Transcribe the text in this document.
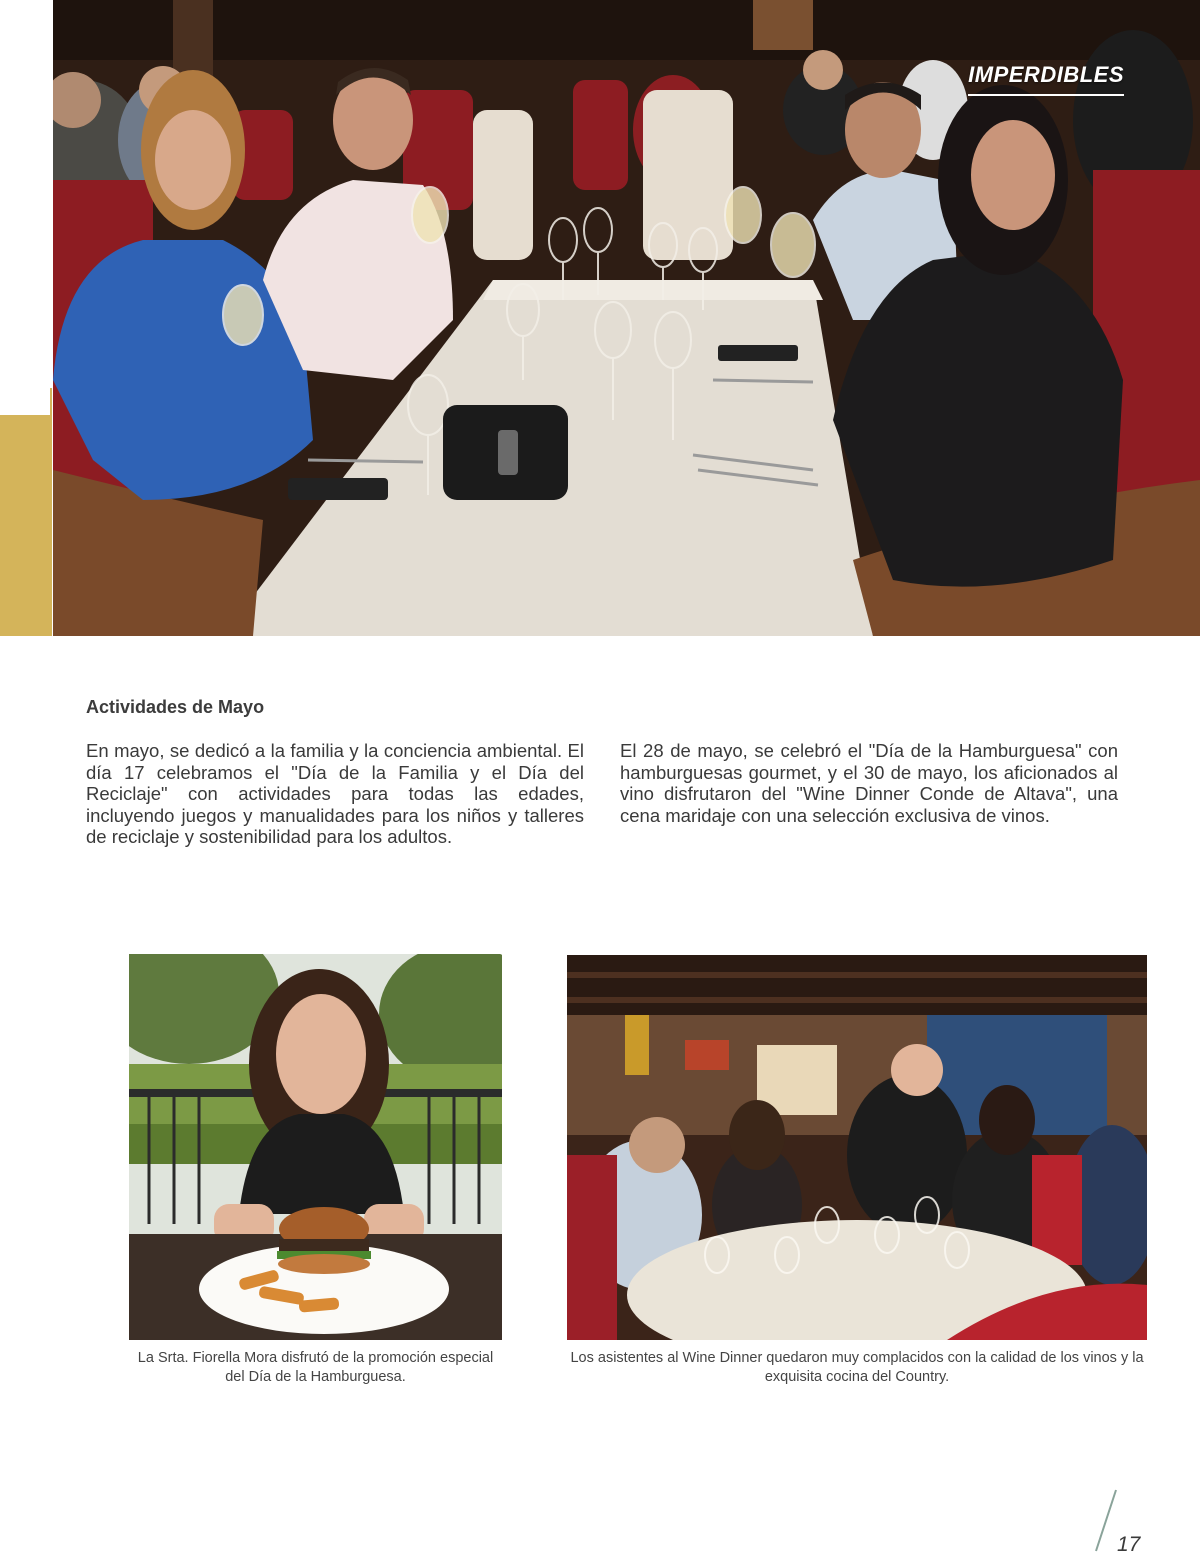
IMPERDIBLES
Actividades de Mayo
En mayo, se dedicó a la familia y la conciencia ambiental. El día 17 celebramos el "Día de la Familia y el Día del Reciclaje" con actividades para todas las edades, incluyendo juegos y manualidades para los niños y talleres de reciclaje y sostenibilidad para los adultos.
El 28 de mayo, se celebró el "Día de la Hamburguesa" con hamburguesas gourmet, y el 30 de mayo, los aficionados al vino disfrutaron del "Wine Dinner Conde de Altava", una cena maridaje con una selección exclusiva de vinos.
La Srta. Fiorella Mora disfrutó de la promoción especial del Día de la Hamburguesa.
Los asistentes al Wine Dinner quedaron muy complacidos con la calidad de los vinos y la exquisita cocina del Country.
17
